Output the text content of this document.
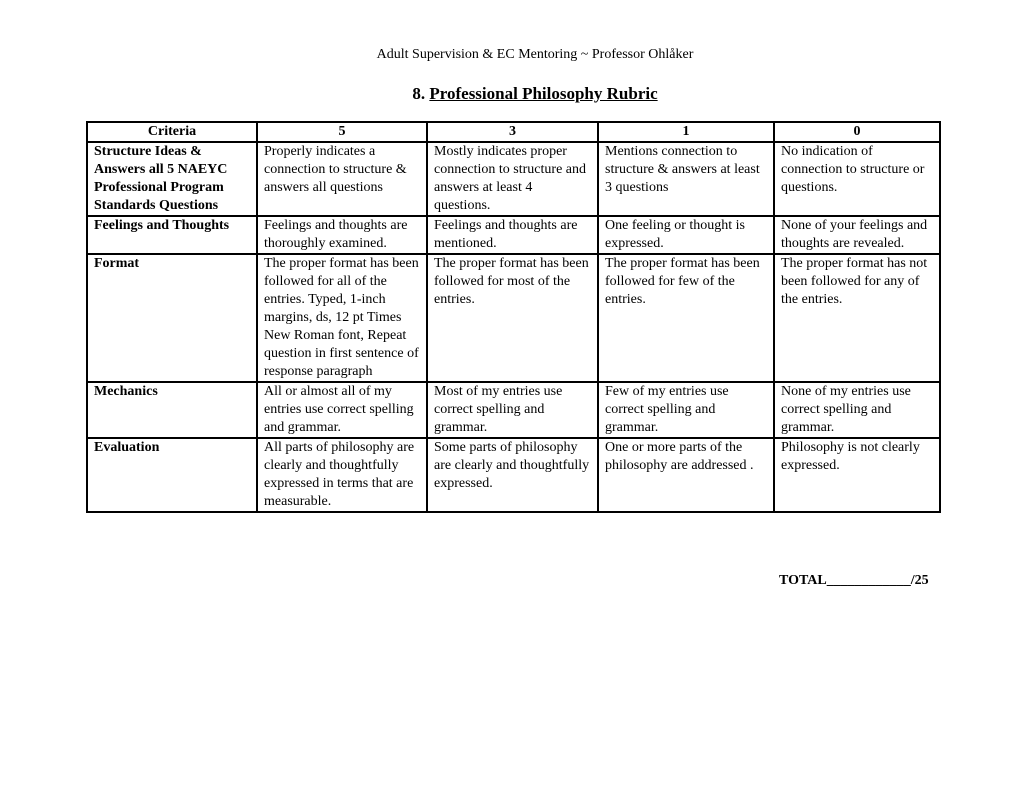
Adult Supervision & EC Mentoring ~ Professor Ohlåker
8. Professional Philosophy Rubric
Criteria	5	3	1	0
Structure Ideas & Answers all 5 NAEYC Professional Program Standards Questions	Properly indicates a connection to structure & answers all questions	Mostly indicates proper connection to structure and answers at least 4 questions.	Mentions connection to structure & answers at least 3 questions	No indication of connection to structure or questions.
Feelings and Thoughts	Feelings and thoughts are thoroughly examined.	Feelings and thoughts are mentioned.	One feeling or thought is expressed.	None of your feelings and thoughts are revealed.
Format	The proper format has been followed for all of the entries. Typed, 1-inch margins, ds, 12 pt Times New Roman font, Repeat question in first sentence of response paragraph	The proper format has been followed for most of the entries.	The proper format has been followed for few of the entries.	The proper format has not been followed for any of the entries.
Mechanics	All or almost all of my entries use correct spelling and grammar.	Most of my entries use correct spelling and grammar.	Few of my entries use correct spelling and grammar.	None of my entries use correct spelling and grammar.
Evaluation	All parts of philosophy are clearly and thoughtfully expressed in terms that are measurable.	Some parts of philosophy are clearly and thoughtfully expressed.	One or more parts of the philosophy are addressed .	Philosophy is not clearly expressed.
TOTAL____________/25
